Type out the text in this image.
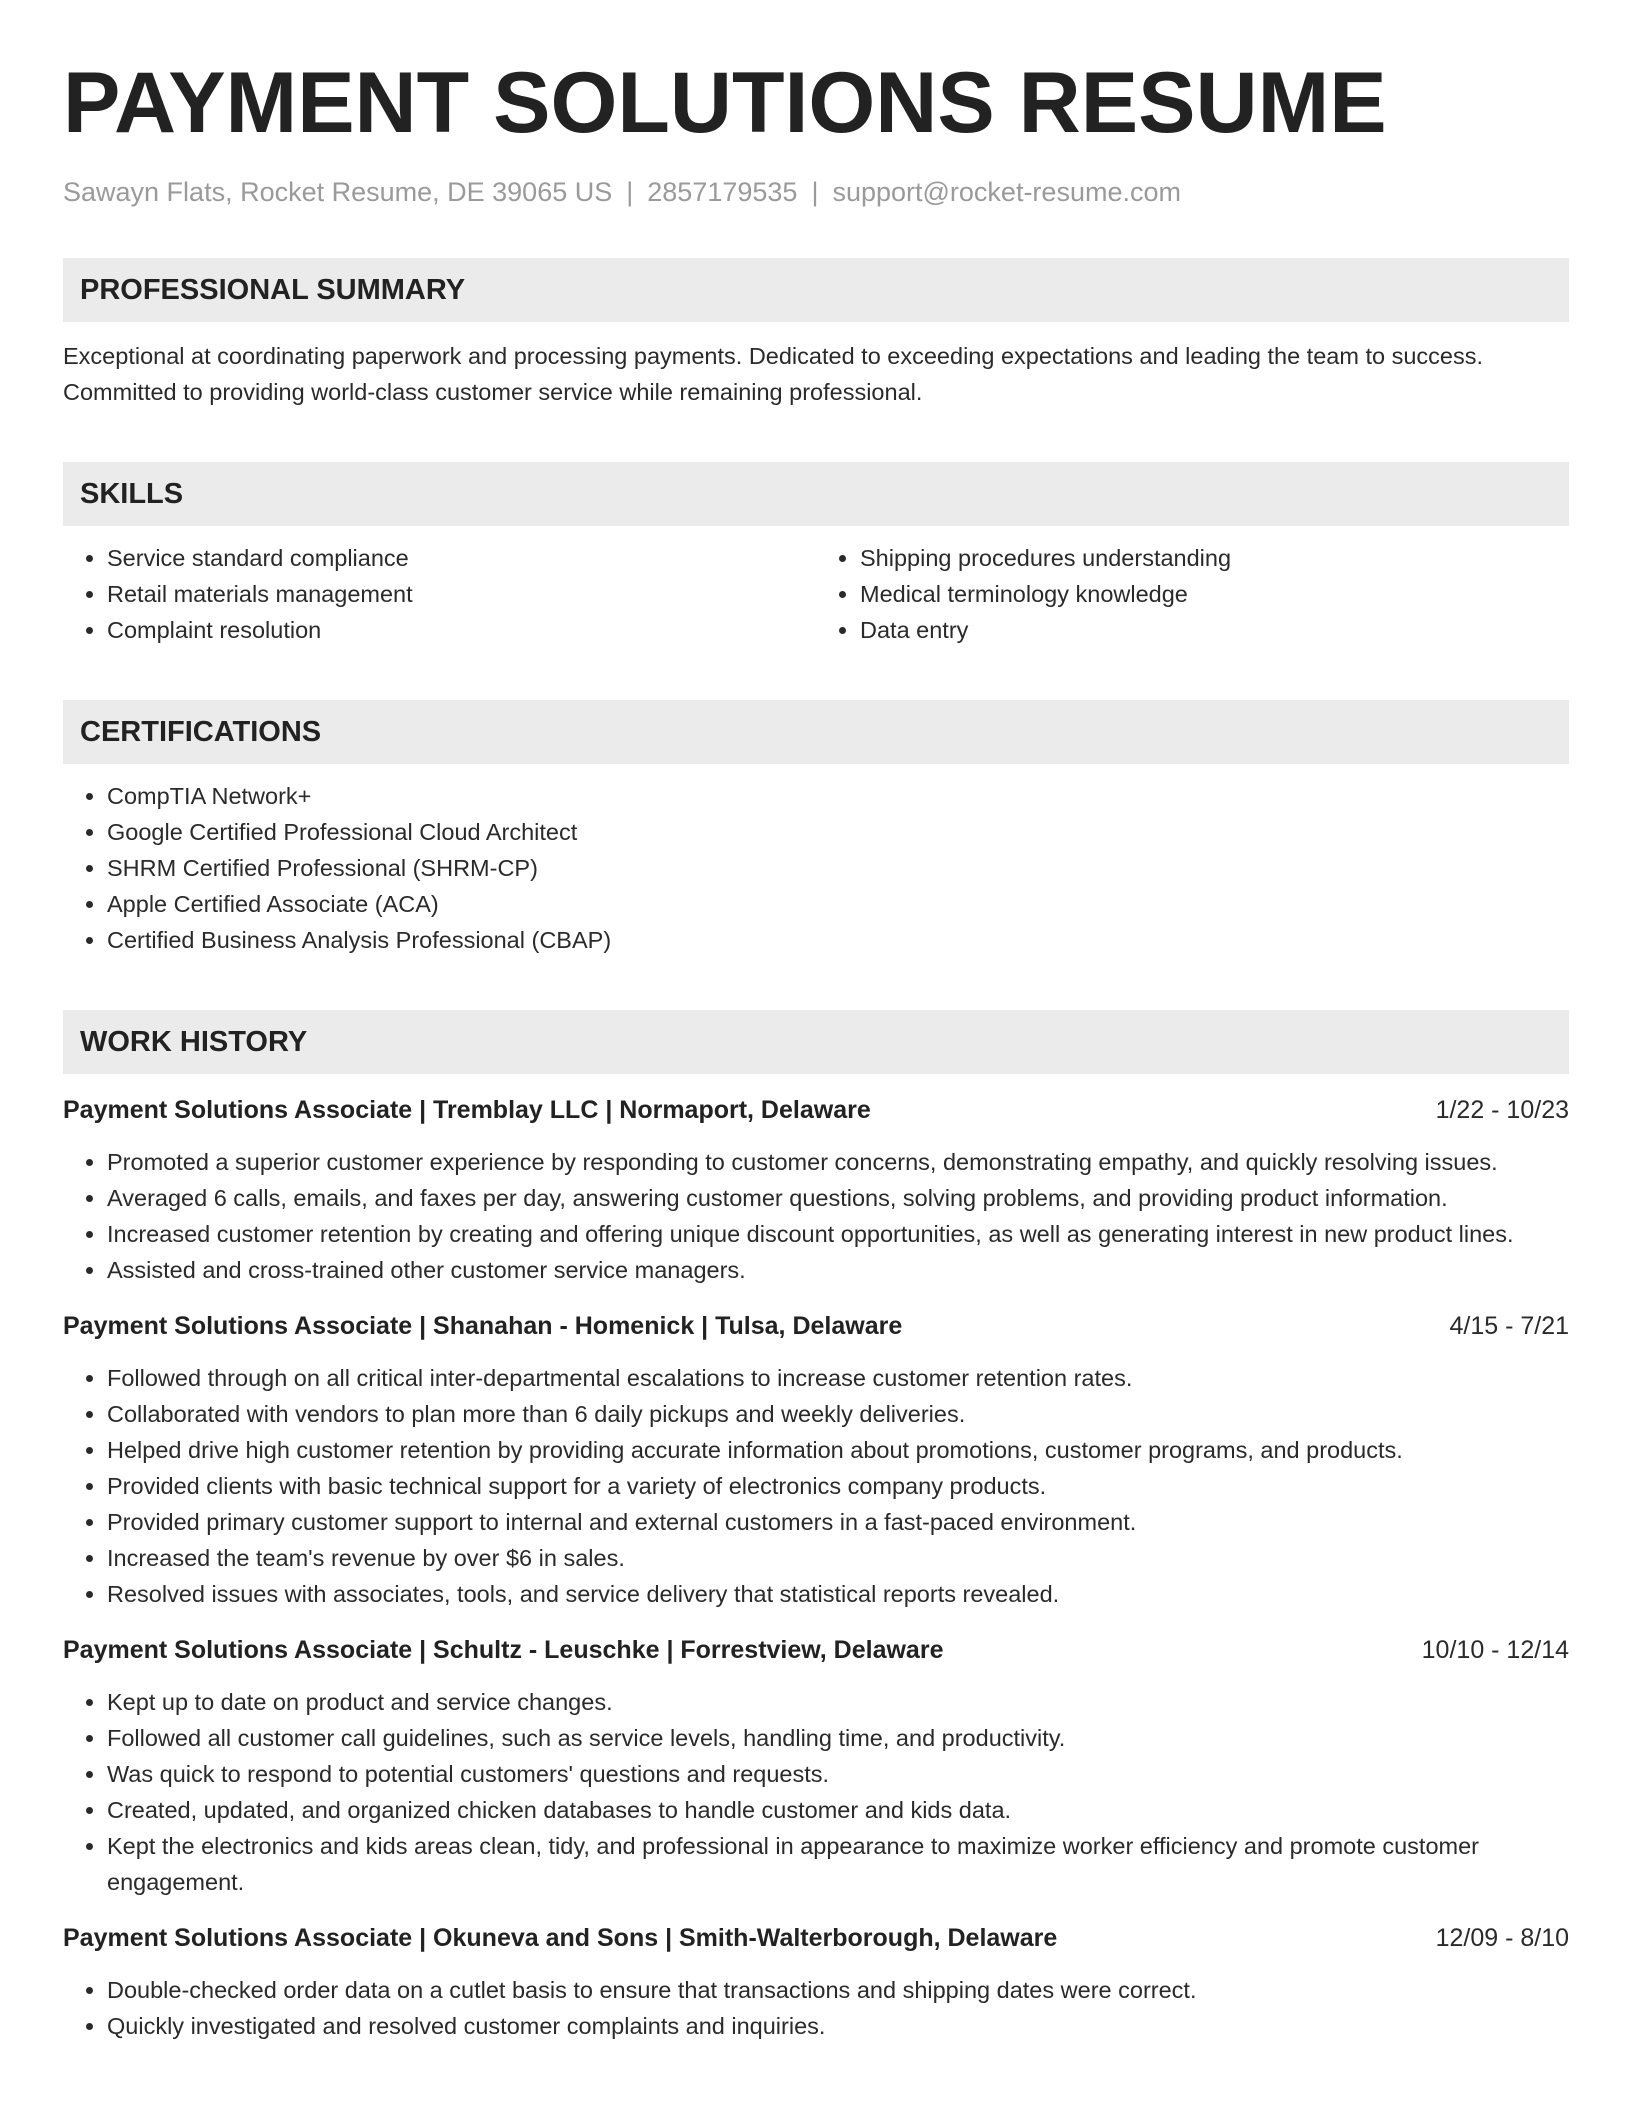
PAYMENT SOLUTIONS RESUME
Sawayn Flats, Rocket Resume, DE 39065 US | 2857179535 | support@rocket-resume.com
PROFESSIONAL SUMMARY
Exceptional at coordinating paperwork and processing payments. Dedicated to exceeding expectations and leading the team to success. Committed to providing world-class customer service while remaining professional.
SKILLS
• Service standard compliance
• Retail materials management
• Complaint resolution
• Shipping procedures understanding
• Medical terminology knowledge
• Data entry
CERTIFICATIONS
• CompTIA Network+
• Google Certified Professional Cloud Architect
• SHRM Certified Professional (SHRM-CP)
• Apple Certified Associate (ACA)
• Certified Business Analysis Professional (CBAP)
WORK HISTORY
Payment Solutions Associate | Tremblay LLC | Normaport, Delaware	1/22 - 10/23
• Promoted a superior customer experience by responding to customer concerns, demonstrating empathy, and quickly resolving issues.
• Averaged 6 calls, emails, and faxes per day, answering customer questions, solving problems, and providing product information.
• Increased customer retention by creating and offering unique discount opportunities, as well as generating interest in new product lines.
• Assisted and cross-trained other customer service managers.
Payment Solutions Associate | Shanahan - Homenick | Tulsa, Delaware	4/15 - 7/21
• Followed through on all critical inter-departmental escalations to increase customer retention rates.
• Collaborated with vendors to plan more than 6 daily pickups and weekly deliveries.
• Helped drive high customer retention by providing accurate information about promotions, customer programs, and products.
• Provided clients with basic technical support for a variety of electronics company products.
• Provided primary customer support to internal and external customers in a fast-paced environment.
• Increased the team's revenue by over $6 in sales.
• Resolved issues with associates, tools, and service delivery that statistical reports revealed.
Payment Solutions Associate | Schultz - Leuschke | Forrestview, Delaware	10/10 - 12/14
• Kept up to date on product and service changes.
• Followed all customer call guidelines, such as service levels, handling time, and productivity.
• Was quick to respond to potential customers' questions and requests.
• Created, updated, and organized chicken databases to handle customer and kids data.
• Kept the electronics and kids areas clean, tidy, and professional in appearance to maximize worker efficiency and promote customer engagement.
Payment Solutions Associate | Okuneva and Sons | Smith-Walterborough, Delaware	12/09 - 8/10
• Double-checked order data on a cutlet basis to ensure that transactions and shipping dates were correct.
• Quickly investigated and resolved customer complaints and inquiries.
